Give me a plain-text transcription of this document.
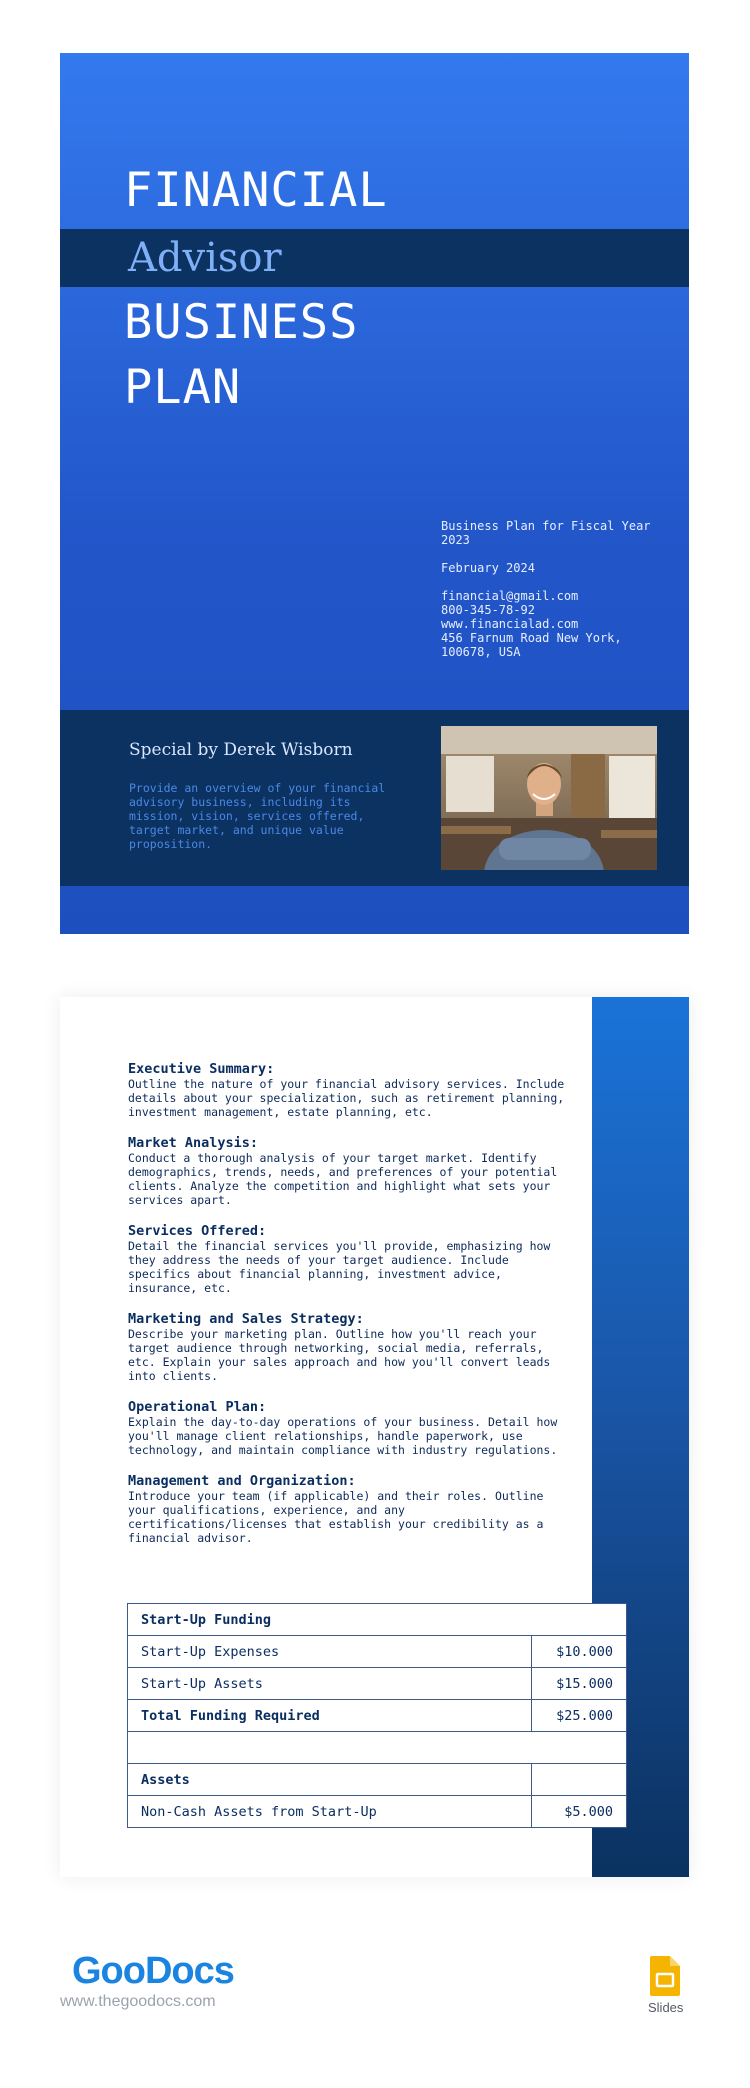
FINANCIAL
Advisor
BUSINESS
PLAN

Business Plan for Fiscal Year 2023

February 2024

financial@gmail.com

800-345-78-92

www.financialad.com

456 Farnum Road New York, 100678, USA

Special by Derek Wisborn

Provide an overview of your financial advisory business, including its mission, vision, services offered, target market, and unique value proposition.

Executive Summary:

Outline the nature of your financial advisory services. Include details about your specialization, such as retirement planning, investment management, estate planning, etc.

Market Analysis:

Conduct a thorough analysis of your target market. Identify demographics, trends, needs, and preferences of your potential clients. Analyze the competition and highlight what sets your services apart.

Services Offered:

Detail the financial services you'll provide, emphasizing how they address the needs of your target audience. Include specifics about financial planning, investment advice, insurance, etc.

Marketing and Sales Strategy:

Describe your marketing plan. Outline how you'll reach your target audience through networking, social media, referrals, etc. Explain your sales approach and how you'll convert leads into clients.

Operational Plan:

Explain the day-to-day operations of your business. Detail how you'll manage client relationships, handle paperwork, use technology, and maintain compliance with industry regulations.

Management and Organization:

Introduce your team (if applicable) and their roles. Outline your qualifications, experience, and any certifications/licenses that establish your credibility as a financial advisor.

Start-Up Funding	
Start-Up Expenses	$10.000
Start-Up Assets	$15.000
Total Funding Required	$25.000

Assets	
Non-Cash Assets from Start-Up	$5.000

GooDocs

www.thegoodocs.com	Slides
